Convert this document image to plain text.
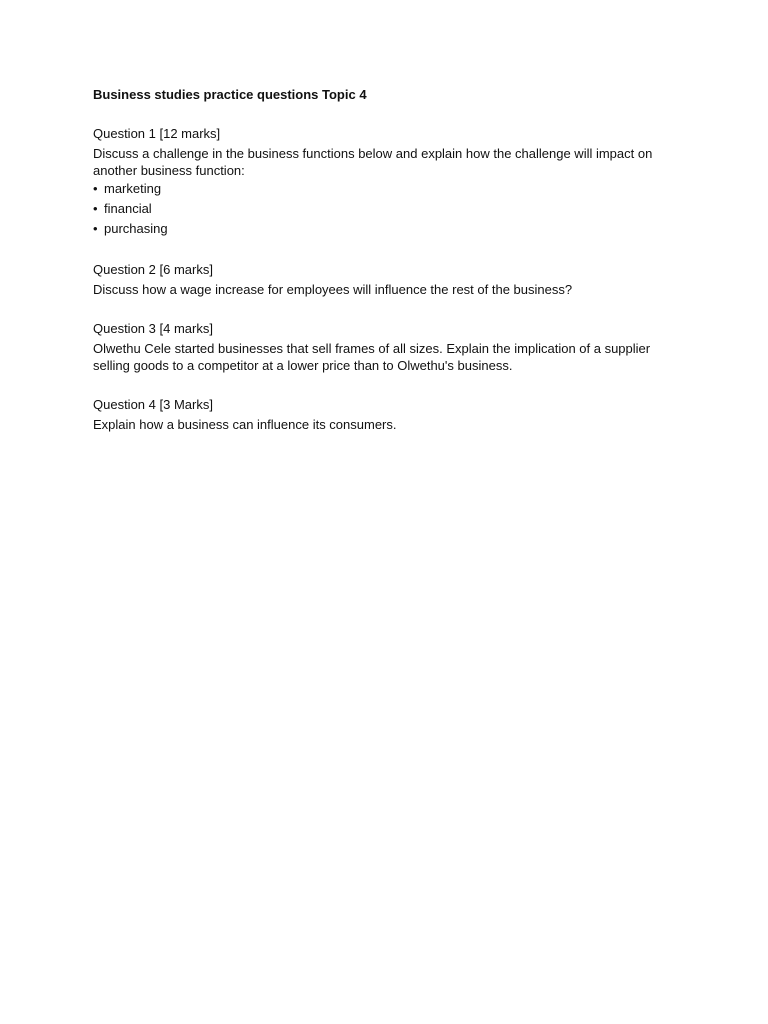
Business studies practice questions Topic 4
Question 1 [12 marks]
Discuss a challenge in the business functions below and explain how the challenge will impact on another business function:
• marketing
• financial
• purchasing
Question 2 [6 marks]
Discuss how a wage increase for employees will influence the rest of the business?
Question 3 [4 marks]
Olwethu Cele started businesses that sell frames of all sizes. Explain the implication of a supplier selling goods to a competitor at a lower price than to Olwethu's business.
Question 4 [3 Marks]
Explain how a business can influence its consumers.
